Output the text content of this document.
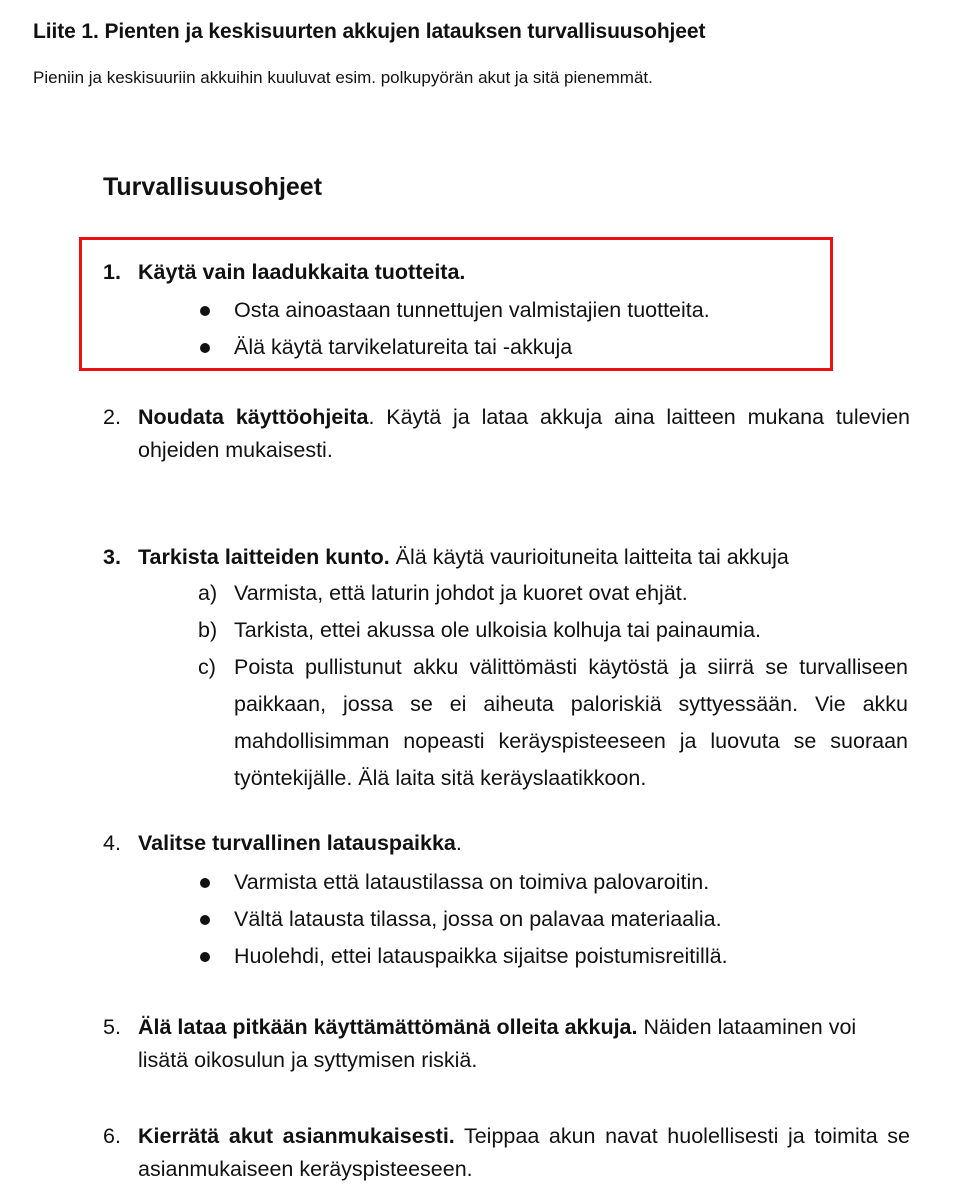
Liite 1. Pienten ja keskisuurten akkujen latauksen turvallisuusohjeet
Pieniin ja keskisuuriin akkuihin kuuluvat esim. polkupyörän akut ja sitä pienemmät.
Turvallisuusohjeet
1. Käytä vain laadukkaita tuotteita.
Osta ainoastaan tunnettujen valmistajien tuotteita.
Älä käytä tarvikelatureita tai -akkuja
2. Noudata käyttöohjeita. Käytä ja lataa akkuja aina laitteen mukana tulevien ohjeiden mukaisesti.
3. Tarkista laitteiden kunto. Älä käytä vaurioituneita laitteita tai akkuja
a) Varmista, että laturin johdot ja kuoret ovat ehjät.
b) Tarkista, ettei akussa ole ulkoisia kolhuja tai painaumia.
c) Poista pullistunut akku välittömästi käytöstä ja siirrä se turvalliseen paikkaan, jossa se ei aiheuta paloriskiä syttyessään. Vie akku mahdollisimman nopeasti keräyspisteeseen ja luovuta se suoraan työntekijälle. Älä laita sitä keräyslaatikkoon.
4. Valitse turvallinen latauspaikka.
Varmista että lataustilassa on toimiva palovaroitin.
Vältä latausta tilassa, jossa on palavaa materiaalia.
Huolehdi, ettei latauspaikka sijaitse poistumisreitillä.
5. Älä lataa pitkään käyttämättömänä olleita akkuja. Näiden lataaminen voi lisätä oikosulun ja syttymisen riskiä.
6. Kierrätä akut asianmukaisesti. Teippaa akun navat huolellisesti ja toimita se asianmukaiseen keräyspisteeseen.
